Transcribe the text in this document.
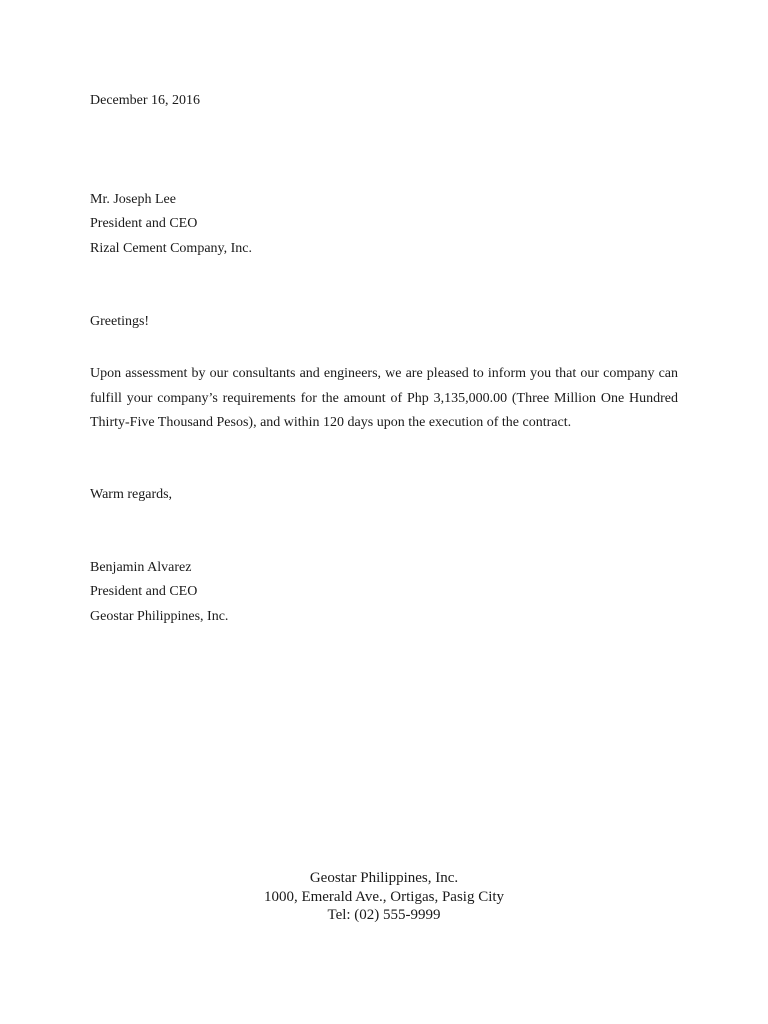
December 16, 2016
Mr. Joseph Lee
President and CEO
Rizal Cement Company, Inc.
Greetings!
Upon assessment by our consultants and engineers, we are pleased to inform you that our company can
fulfill your company’s requirements for the amount of Php 3,135,000.00 (Three Million One Hundred
Thirty-Five Thousand Pesos), and within 120 days upon the execution of the contract.
Warm regards,
Benjamin Alvarez
President and CEO
Geostar Philippines, Inc.
Geostar Philippines, Inc.
1000, Emerald Ave., Ortigas, Pasig City
Tel: (02) 555-9999
